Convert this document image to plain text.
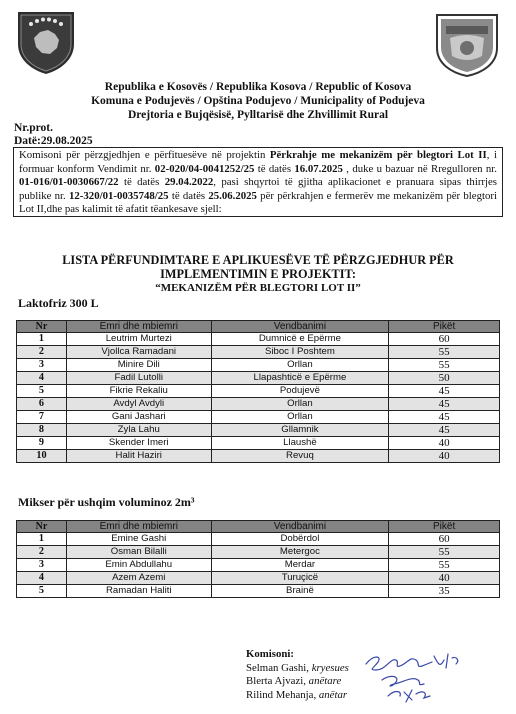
Republika e Kosovës / Republika Kosova / Republic of Kosova
Komuna e Podujevës / Opština Podujevo / Municipality of Podujeva
Drejtoria e Bujqësisë, Pylltarisë dhe Zhvillimit Rural
Nr.prot.
Datë:29.08.2025
Komisoni për përzgjedhjen e përfituesëve në projektin Përkrahje me mekanizëm për blegtori Lot II, i formuar konform Vendimit nr. 02-020/04-0041252/25 të datës 16.07.2025 , duke u bazuar në Rregulloren nr. 01-016/01-0030667/22 të datës 29.04.2022, pasi shqyrtoi të gjitha aplikacionet e pranuara sipas thirrjes publike nr. 12-320/01-0035748/25 të datës 25.06.2025 për përkrahjen e fermerëv me mekanizëm për blegtori Lot II,dhe pas kalimit të afatit tëankesave sjell:
LISTA PËRFUNDIMTARE E APLIKUESËVE TË PËRZGJEDHUR PËR
IMPLEMENTIMIN E PROJEKTIT:
“MEKANIZËM PËR BLEGTORI LOT II”
Laktofriz 300 L
Nr	Emri dhe mbiemri	Vendbanimi	Pikët
1	Leutrim Murtezi	Dumnicë e Epërme	60
2	Vjollca Ramadani	Siboc I Poshtem	55
3	Minire Dili	Orllan	55
4	Fadil Lutolli	Llapashticë e Epërme	50
5	Fikrie Rekaliu	Podujevë	45
6	Avdyl Avdyli	Orllan	45
7	Gani Jashari	Orllan	45
8	Zyla Lahu	Gllamnik	45
9	Skender Imeri	Llaushë	40
10	Halit Haziri	Revuq	40
Mikser për ushqim voluminoz 2m³
Nr	Emri dhe mbiemri	Vendbanimi	Pikët
1	Emine Gashi	Dobërdol	60
2	Osman Bilalli	Metergoc	55
3	Emin Abdullahu	Merdar	55
4	Azem Azemi	Turuçicë	40
5	Ramadan Haliti	Brainë	35
Komisoni:
Selman Gashi, kryesues
Blerta Ajvazi, anëtare
Rilind Mehanja, anëtar
